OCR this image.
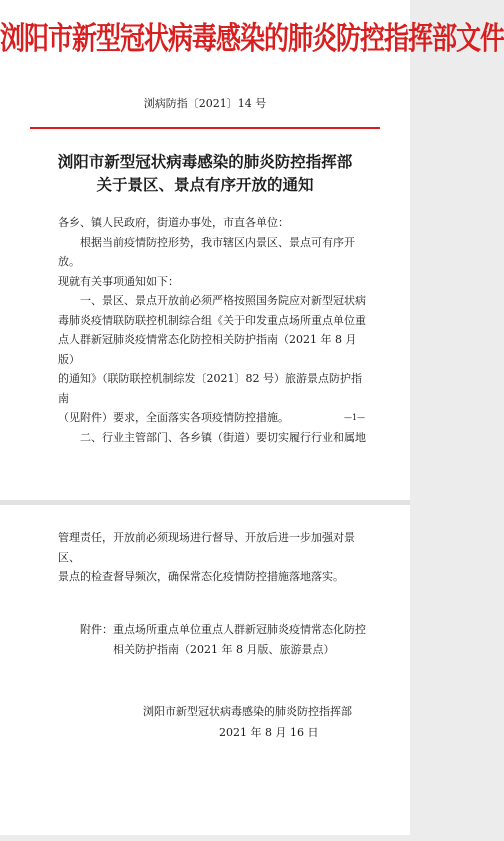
浏阳市新型冠状病毒感染的肺炎防控指挥部文件
浏病防指〔2021〕14 号
浏阳市新型冠状病毒感染的肺炎防控指挥部
关于景区、景点有序开放的通知

各乡、镇人民政府，街道办事处，市直各单位：

根据当前疫情防控形势，我市辖区内景区、景点可有序开放。

现就有关事项通知如下：

一、景区、景点开放前必须严格按照国务院应对新型冠状病

毒肺炎疫情联防联控机制综合组《关于印发重点场所重点单位重

点人群新冠肺炎疫情常态化防控相关防护指南（2021 年 8 月版）

的通知》（联防联控机制综发〔2021〕82 号）旅游景点防护指南

（见附件）要求，全面落实各项疫情防控措施。

二、行业主管部门、各乡镇（街道）要切实履行行业和属地

—1—

管理责任，开放前必须现场进行督导、开放后进一步加强对景区、

景点的检查督导频次，确保常态化疫情防控措施落地落实。

附件：重点场所重点单位重点人群新冠肺炎疫情常态化防控

相关防护指南（2021 年 8 月版、旅游景点）

浏阳市新型冠状病毒感染的肺炎防控指挥部
2021 年 8 月 16 日
